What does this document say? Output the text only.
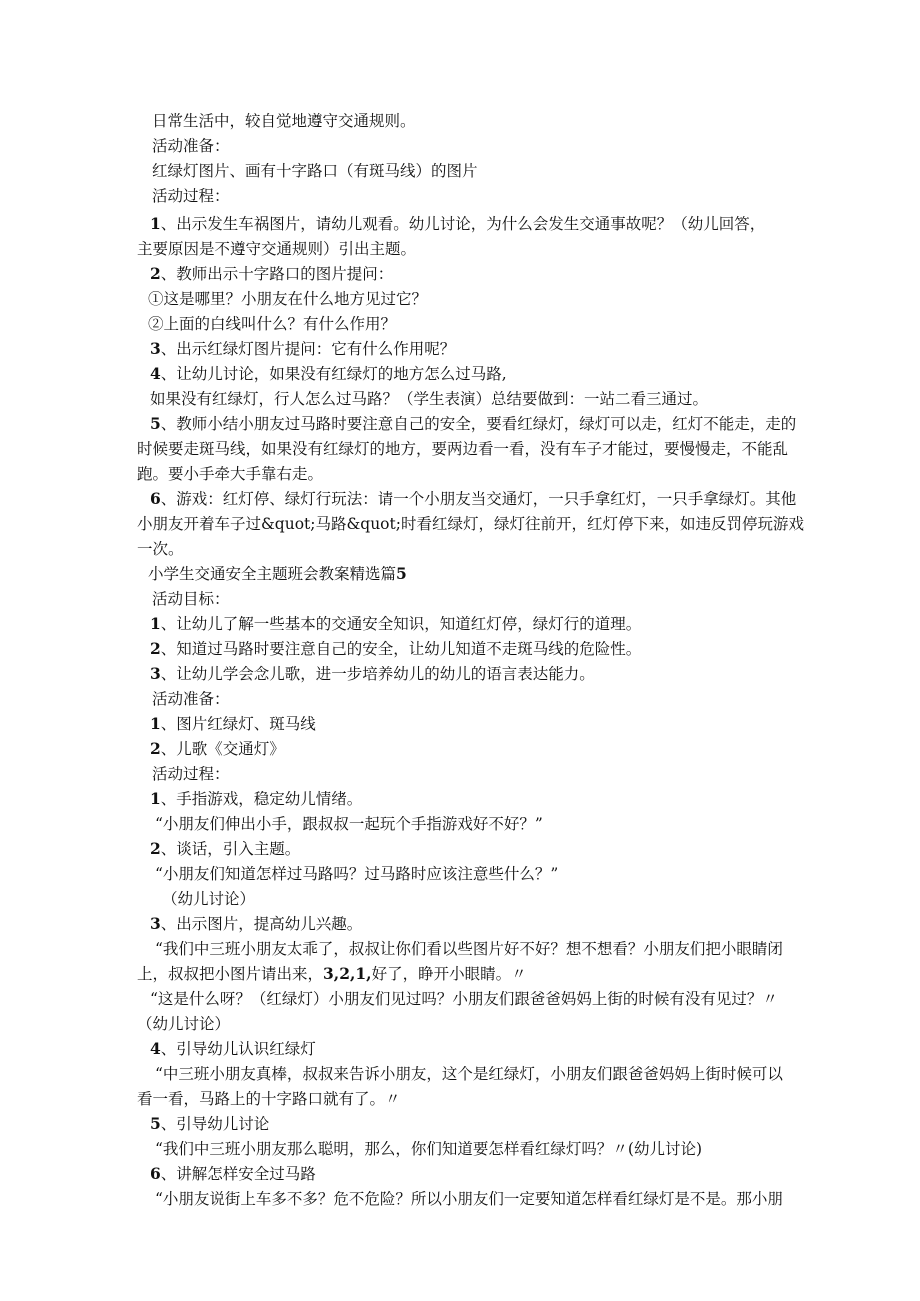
日常生活中，较自觉地遵守交通规则。
活动准备：
红绿灯图片、画有十字路口（有斑马线）的图片
活动过程：
1、出示发生车祸图片，请幼儿观看。幼儿讨论，为什么会发生交通事故呢？（幼儿回答，
主要原因是不遵守交通规则）引出主题。
2、教师出示十字路口的图片提问：
①这是哪里？小朋友在什么地方见过它？
②上面的白线叫什么？有什么作用？
3、出示红绿灯图片提问：它有什么作用呢？
4、让幼儿讨论，如果没有红绿灯的地方怎么过马路,
如果没有红绿灯，行人怎么过马路？（学生表演）总结要做到：一站二看三通过。
5、教师小结小朋友过马路时要注意自己的安全，要看红绿灯，绿灯可以走，红灯不能走，走的
时候要走斑马线，如果没有红绿灯的地方，要两边看一看，没有车子才能过，要慢慢走，不能乱
跑。要小手牵大手靠右走。
6、游戏：红灯停、绿灯行玩法：请一个小朋友当交通灯，一只手拿红灯，一只手拿绿灯。其他
小朋友开着车子过&quot;马路&quot;时看红绿灯，绿灯往前开，红灯停下来，如违反罚停玩游戏
一次。
小学生交通安全主题班会教案精选篇5
活动目标：
1、让幼儿了解一些基本的交通安全知识，知道红灯停，绿灯行的道理。
2、知道过马路时要注意自己的安全，让幼儿知道不走斑马线的危险性。
3、让幼儿学会念儿歌，进一步培养幼儿的幼儿的语言表达能力。
活动准备：
1、图片红绿灯、斑马线
2、儿歌《交通灯》
活动过程：
1、手指游戏，稳定幼儿情绪。
“小朋友们伸出小手，跟叔叔一起玩个手指游戏好不好？”
2、谈话，引入主题。
“小朋友们知道怎样过马路吗？过马路时应该注意些什么？”
（幼儿讨论）
3、出示图片，提高幼儿兴趣。
“我们中三班小朋友太乖了，叔叔让你们看以些图片好不好？想不想看？小朋友们把小眼睛闭
上，叔叔把小图片请出来，3,2,1,好了，睁开小眼睛。〃
“这是什么呀？（红绿灯）小朋友们见过吗？小朋友们跟爸爸妈妈上街的时候有没有见过？〃
（幼儿讨论）
4、引导幼儿认识红绿灯
“中三班小朋友真棒，叔叔来告诉小朋友，这个是红绿灯，小朋友们跟爸爸妈妈上街时候可以
看一看，马路上的十字路口就有了。〃
5、引导幼儿讨论
“我们中三班小朋友那么聪明，那么，你们知道要怎样看红绿灯吗？〃(幼儿讨论)
6、讲解怎样安全过马路
“小朋友说街上车多不多？危不危险？所以小朋友们一定要知道怎样看红绿灯是不是。那小朋
